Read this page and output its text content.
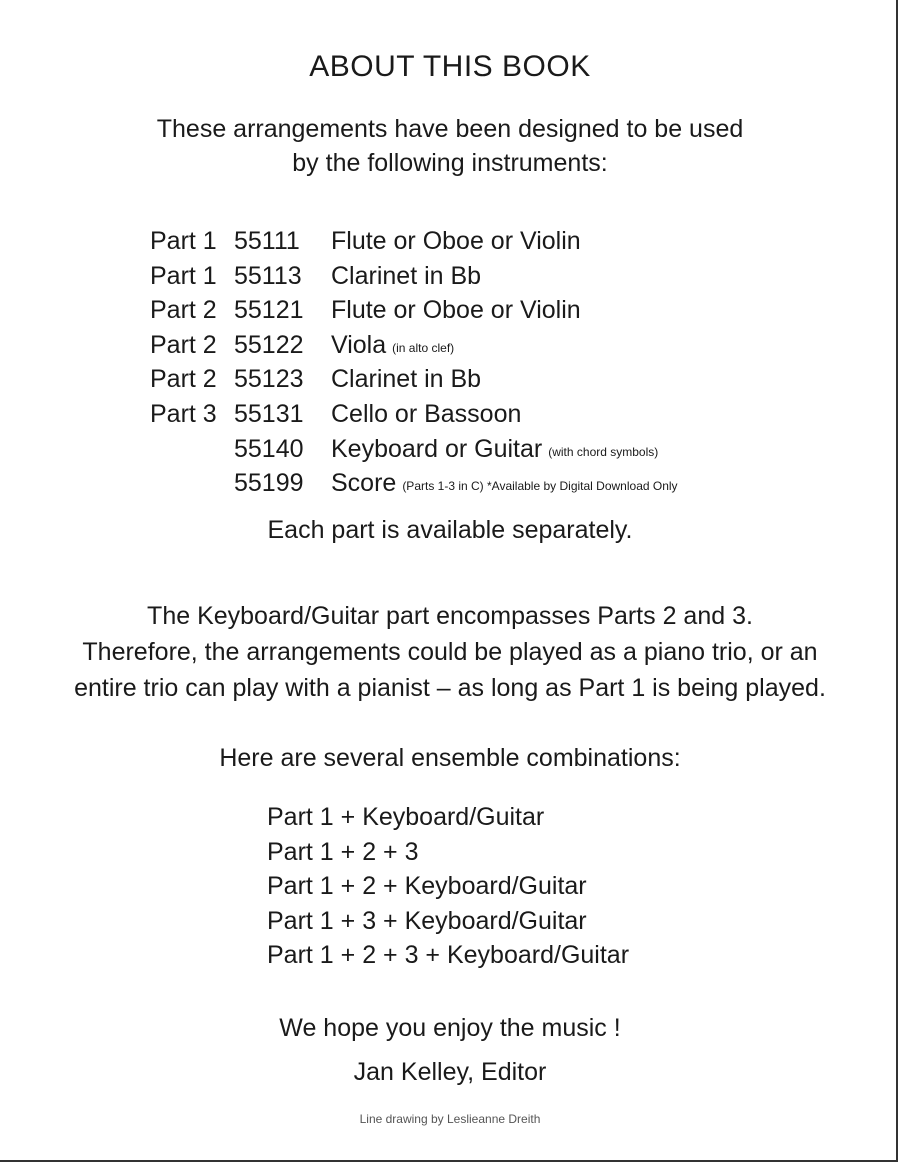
ABOUT THIS BOOK
These arrangements have been designed to be used
by the following instruments:
Part 1 55111 Flute or Oboe or Violin
Part 1 55113 Clarinet in Bb
Part 2 55121 Flute or Oboe or Violin
Part 2 55122 Viola (in alto clef)
Part 2 55123 Clarinet in Bb
Part 3 55131 Cello or Bassoon
55140 Keyboard or Guitar (with chord symbols)
55199 Score (Parts 1-3 in C) *Available by Digital Download Only
Each part is available separately.
The Keyboard/Guitar part encompasses Parts 2 and 3.
Therefore, the arrangements could be played as a piano trio, or an
entire trio can play with a pianist – as long as Part 1 is being played.
Here are several ensemble combinations:
Part 1 + Keyboard/Guitar
Part 1 + 2 + 3
Part 1 + 2 + Keyboard/Guitar
Part 1 + 3 + Keyboard/Guitar
Part 1 + 2 + 3 + Keyboard/Guitar
We hope you enjoy the music !
Jan Kelley, Editor
Line drawing by Leslieanne Dreith
